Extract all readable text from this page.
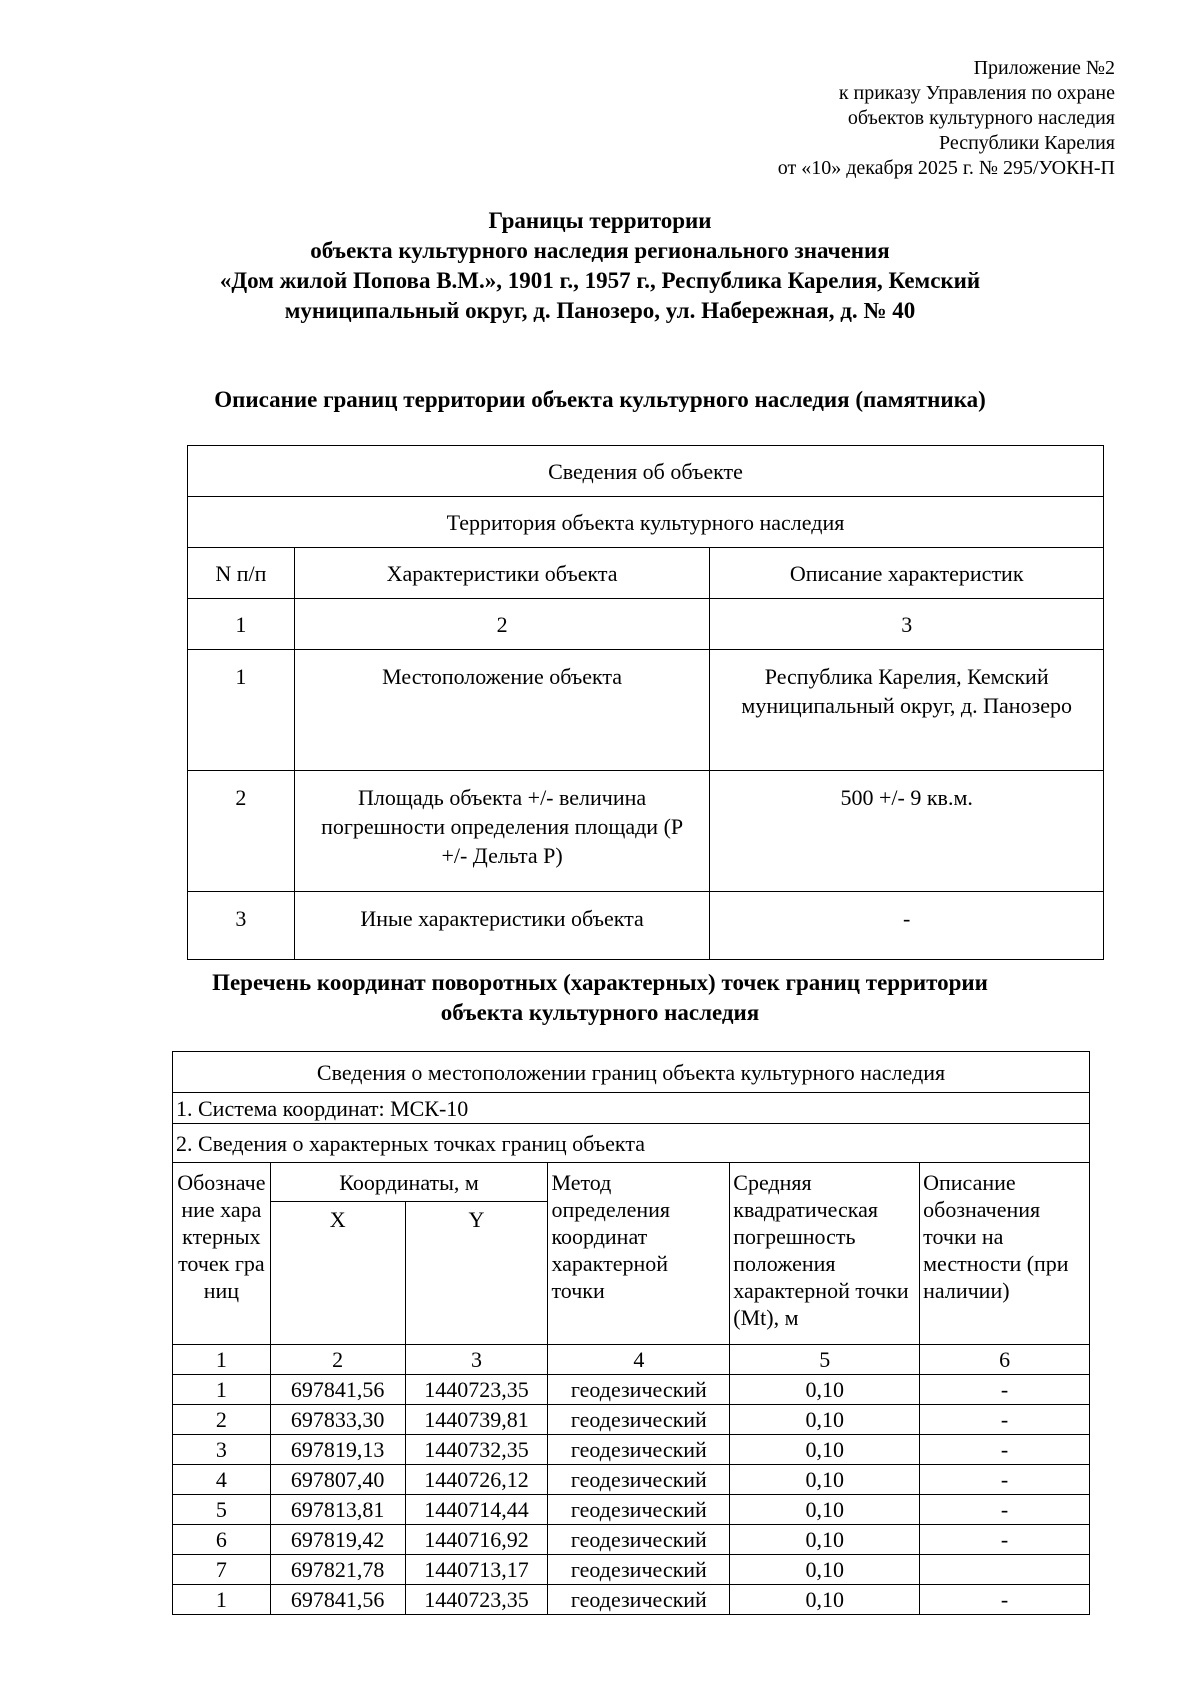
Приложение №2
к приказу Управления по охране
объектов культурного наследия
Республики Карелия
от «10» декабря 2025 г. № 295/УОКН-П
Границы территории
объекта культурного наследия регионального значения
«Дом жилой Попова В.М.», 1901 г., 1957 г., Республика Карелия, Кемский
муниципальный округ, д. Панозеро, ул. Набережная, д. № 40
Описание границ территории объекта культурного наследия (памятника)
Сведения об объекте		
Территория объекта культурного наследия		
N п/п	Характеристики объекта	Описание характеристик
1	2	3
1	Местоположение объекта	Республика Карелия, Кемский муниципальный округ, д. Панозеро
2	Площадь объекта +/- величина погрешности определения площади (Р +/- Дельта Р)	500 +/- 9 кв.м.
3	Иные характеристики объекта	-
Перечень координат поворотных (характерных) точек границ территории
объекта культурного наследия
Сведения о местоположении границ объекта культурного наследия					
1. Система координат: МСК-10					
2. Сведения о характерных точках границ объекта					
Обозначение характерных точек границ	Координаты, м		Метод определения координат характерной точки	Средняя квадратическая погрешность положения характерной точки (Mt), м	Описание обозначения точки на местности (при наличии)
	X	Y			
1	2	3	4	5	6
1	697841,56	1440723,35	геодезический	0,10	-
2	697833,30	1440739,81	геодезический	0,10	-
3	697819,13	1440732,35	геодезический	0,10	-
4	697807,40	1440726,12	геодезический	0,10	-
5	697813,81	1440714,44	геодезический	0,10	-
6	697819,42	1440716,92	геодезический	0,10	-
7	697821,78	1440713,17	геодезический	0,10	
1	697841,56	1440723,35	геодезический	0,10	-
